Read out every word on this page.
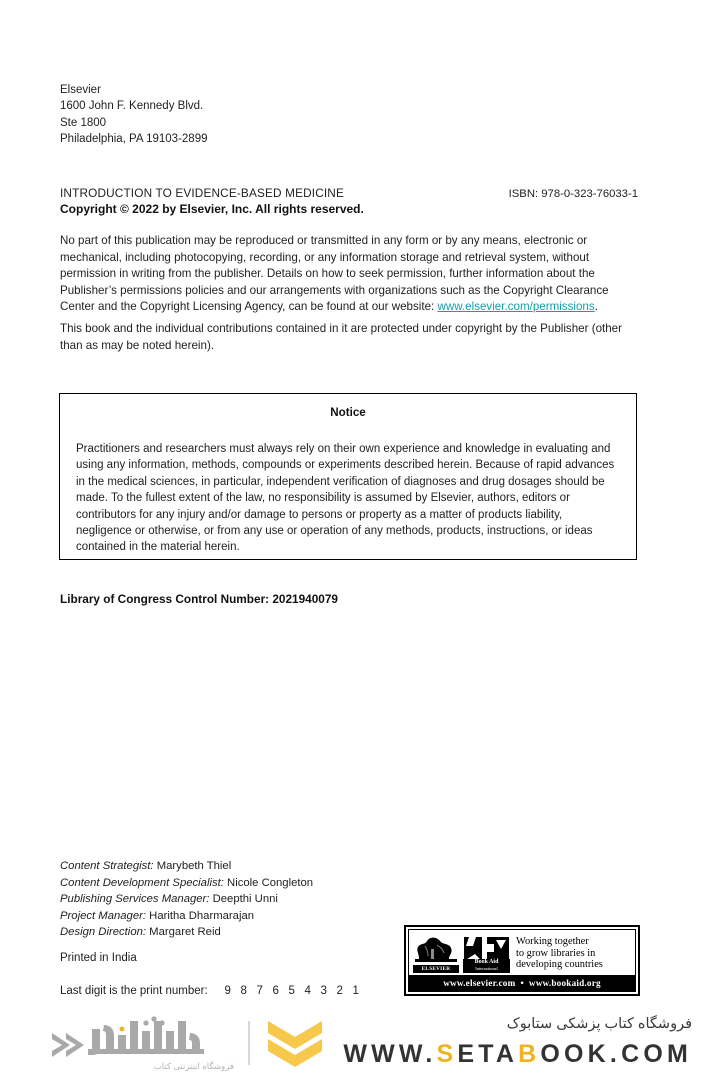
Elsevier
1600 John F. Kennedy Blvd.
Ste 1800
Philadelphia, PA 19103-2899
INTRODUCTION TO EVIDENCE-BASED MEDICINE	ISBN: 978-0-323-76033-1
Copyright © 2022 by Elsevier, Inc. All rights reserved.
No part of this publication may be reproduced or transmitted in any form or by any means, electronic or mechanical, including photocopying, recording, or any information storage and retrieval system, without permission in writing from the publisher. Details on how to seek permission, further information about the Publisher’s permissions policies and our arrangements with organizations such as the Copyright Clearance Center and the Copyright Licensing Agency, can be found at our website: www.elsevier.com/permissions.
This book and the individual contributions contained in it are protected under copyright by the Publisher (other than as may be noted herein).
Notice
Practitioners and researchers must always rely on their own experience and knowledge in evaluating and using any information, methods, compounds or experiments described herein. Because of rapid advances in the medical sciences, in particular, independent verification of diagnoses and drug dosages should be made. To the fullest extent of the law, no responsibility is assumed by Elsevier, authors, editors or contributors for any injury and/or damage to persons or property as a matter of products liability, negligence or otherwise, or from any use or operation of any methods, products, instructions, or ideas contained in the material herein.
Library of Congress Control Number: 2021940079
Content Strategist: Marybeth Thiel
Content Development Specialist: Nicole Congleton
Publishing Services Manager: Deepthi Unni
Project Manager: Haritha Dharmarajan
Design Direction: Margaret Reid
Printed in India
Last digit is the print number:	9 8 7 6 5 4 3 2 1
ELSEVIER
Book Aid
International
Working together
to grow libraries in
developing countries
www.elsevier.com • www.bookaid.org
فروشگاه اینترنتی کتاب
فروشگاه کتاب پزشکی ستابوک
WWW.SETABOOK.COM
